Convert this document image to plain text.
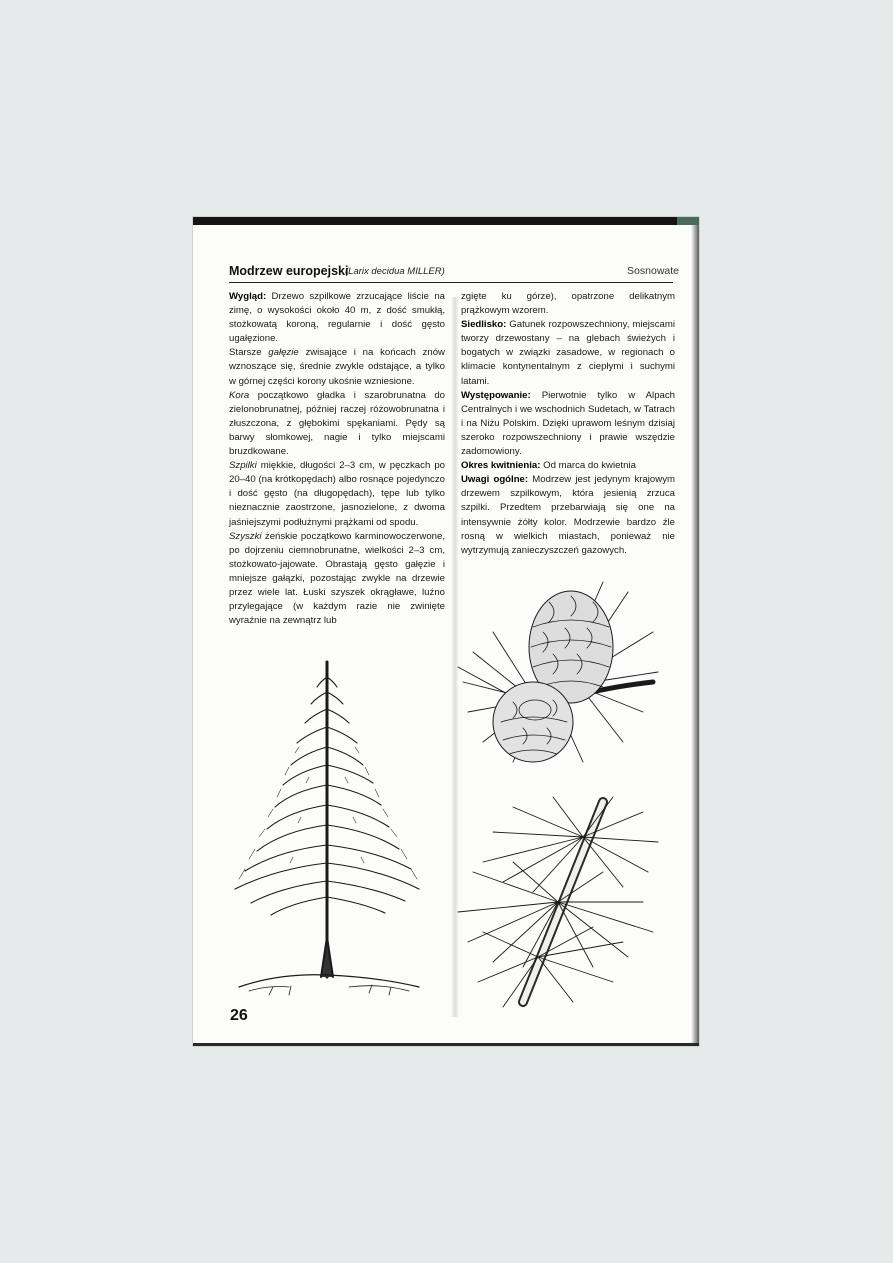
Modrzew europejski
(Larix decidua MILLER)	Sosnowate

Wygląd: Drzewo szpilkowe zrzucające liście na zimę, o wysokości około 40 m, z dość smukłą, stożkowatą koroną, regularnie i dość gęsto ugałęzione.

Starsze gałęzie zwisające i na końcach znów wznoszące się, średnie zwykle odstające, a tylko w górnej części korony ukośnie wzniesione.

Kora początkowo gładka i szarobrunatna do zielonobrunatnej, później raczej różowobrunatna i złuszczona, z głębokimi spękaniami. Pędy są barwy słomkowej, nagie i tylko miejscami bruzdkowane.

Szpilki miękkie, długości 2–3 cm, w pęczkach po 20–40 (na krótkopędach) albo rosnące pojedynczo i dość gęsto (na długopędach), tępe lub tylko nieznacznie zaostrzone, jasnozielone, z dwoma jaśniejszymi podłużnymi prążkami od spodu.

Szyszki żeńskie początkowo karminowoczerwone, po dojrzeniu ciemnobrunatne, wielkości 2–3 cm, stożkowato-jajowate. Obrastają gęsto gałęzie i mniejsze gałązki, pozostając zwykle na drzewie przez wiele lat. Łuski szyszek okrągławe, luźno przylegające (w każdym razie nie zwinięte wyraźnie na zewnątrz lub

zgięte ku górze), opatrzone delikatnym prążkowym wzorem.

Siedlisko: Gatunek rozpowszechniony, miejscami tworzy drzewostany – na glebach świeżych i bogatych w związki zasadowe, w regionach o klimacie kontynentalnym z ciepłymi i suchymi latami.

Występowanie: Pierwotnie tylko w Alpach Centralnych i we wschodnich Sudetach, w Tatrach i na Niżu Polskim. Dzięki uprawom leśnym dzisiaj szeroko rozpowszechniony i prawie wszędzie zadomowiony.

Okres kwitnienia: Od marca do kwietnia

Uwagi ogólne: Modrzew jest jedynym krajowym drzewem szpilkowym, która jesienią zrzuca szpilki. Przedtem przebarwiają się one na intensywnie żółty kolor. Modrzewie bardzo źle rosną w wielkich miastach, ponieważ nie wytrzymują zanieczyszczeń gazowych.

26
